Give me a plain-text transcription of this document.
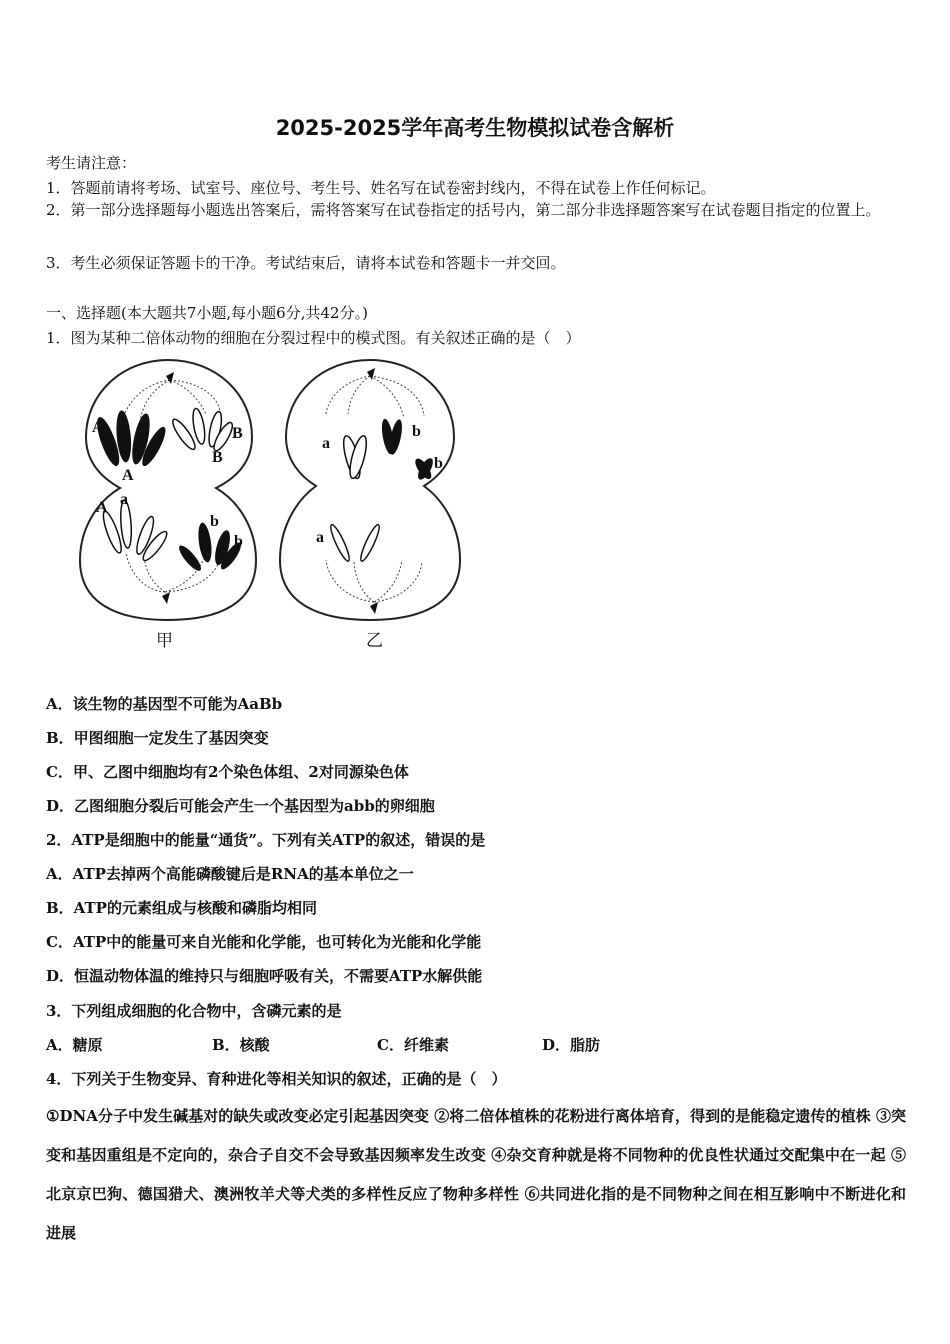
2025-2025学年高考生物模拟试卷含解析
考生请注意：
1．答题前请将考场、试室号、座位号、考生号、姓名写在试卷密封线内，不得在试卷上作任何标记。
2．第一部分选择题每小题选出答案后，需将答案写在试卷指定的括号内，第二部分非选择题答案写在试卷题目指定的位置上。
3．考生必须保证答题卡的干净。考试结束后，请将本试卷和答题卡一并交回。
一、选择题(本大题共7小题,每小题6分,共42分。)
1．图为某种二倍体动物的细胞在分裂过程中的模式图。有关叙述正确的是（　）
A
A
B
B
A a
b
b
甲
a
b
b
a
乙
A．该生物的基因型不可能为AaBb
B．甲图细胞一定发生了基因突变
C．甲、乙图中细胞均有2个染色体组、2对同源染色体
D．乙图细胞分裂后可能会产生一个基因型为abb的卵细胞
2．ATP是细胞中的能量“通货”。下列有关ATP的叙述，错误的是
A．ATP去掉两个高能磷酸键后是RNA的基本单位之一
B．ATP的元素组成与核酸和磷脂均相同
C．ATP中的能量可来自光能和化学能，也可转化为光能和化学能
D．恒温动物体温的维持只与细胞呼吸有关，不需要ATP水解供能
3．下列组成细胞的化合物中，含磷元素的是
A．糖原	B．核酸	C．纤维素	D．脂肪
4．下列关于生物变异、育种进化等相关知识的叙述，正确的是（　）
①DNA分子中发生碱基对的缺失或改变必定引起基因突变 ②将二倍体植株的花粉进行离体培育，得到的是能稳定遗传的植株 ③突变和基因重组是不定向的，杂合子自交不会导致基因频率发生改变 ④杂交育种就是将不同物种的优良性状通过交配集中在一起 ⑤北京京巴狗、德国猎犬、澳洲牧羊犬等犬类的多样性反应了物种多样性 ⑥共同进化指的是不同物种之间在相互影响中不断进化和进展
